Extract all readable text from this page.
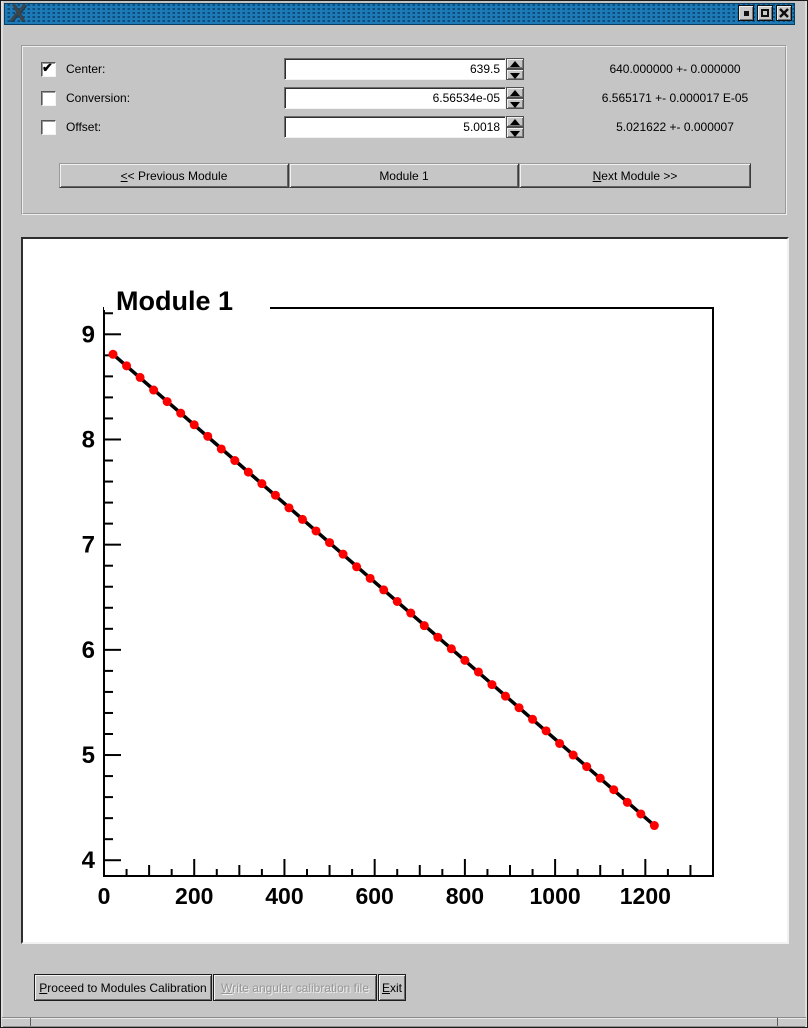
X
✔ Center:
639.5	640.000000 +- 0.000000
Conversion:
6.56534e-05	6.565171 +- 0.000017 E-05
Offset:
5.0018	5.021622 +- 0.000007
< < Previous Module	Module 1	N ext Module >>
0	200 400 600 800 1000 1200
4
5
6
7
8
9
Module 1
P roceed to Modules Calibration	W rite angular calibration file	E xit
